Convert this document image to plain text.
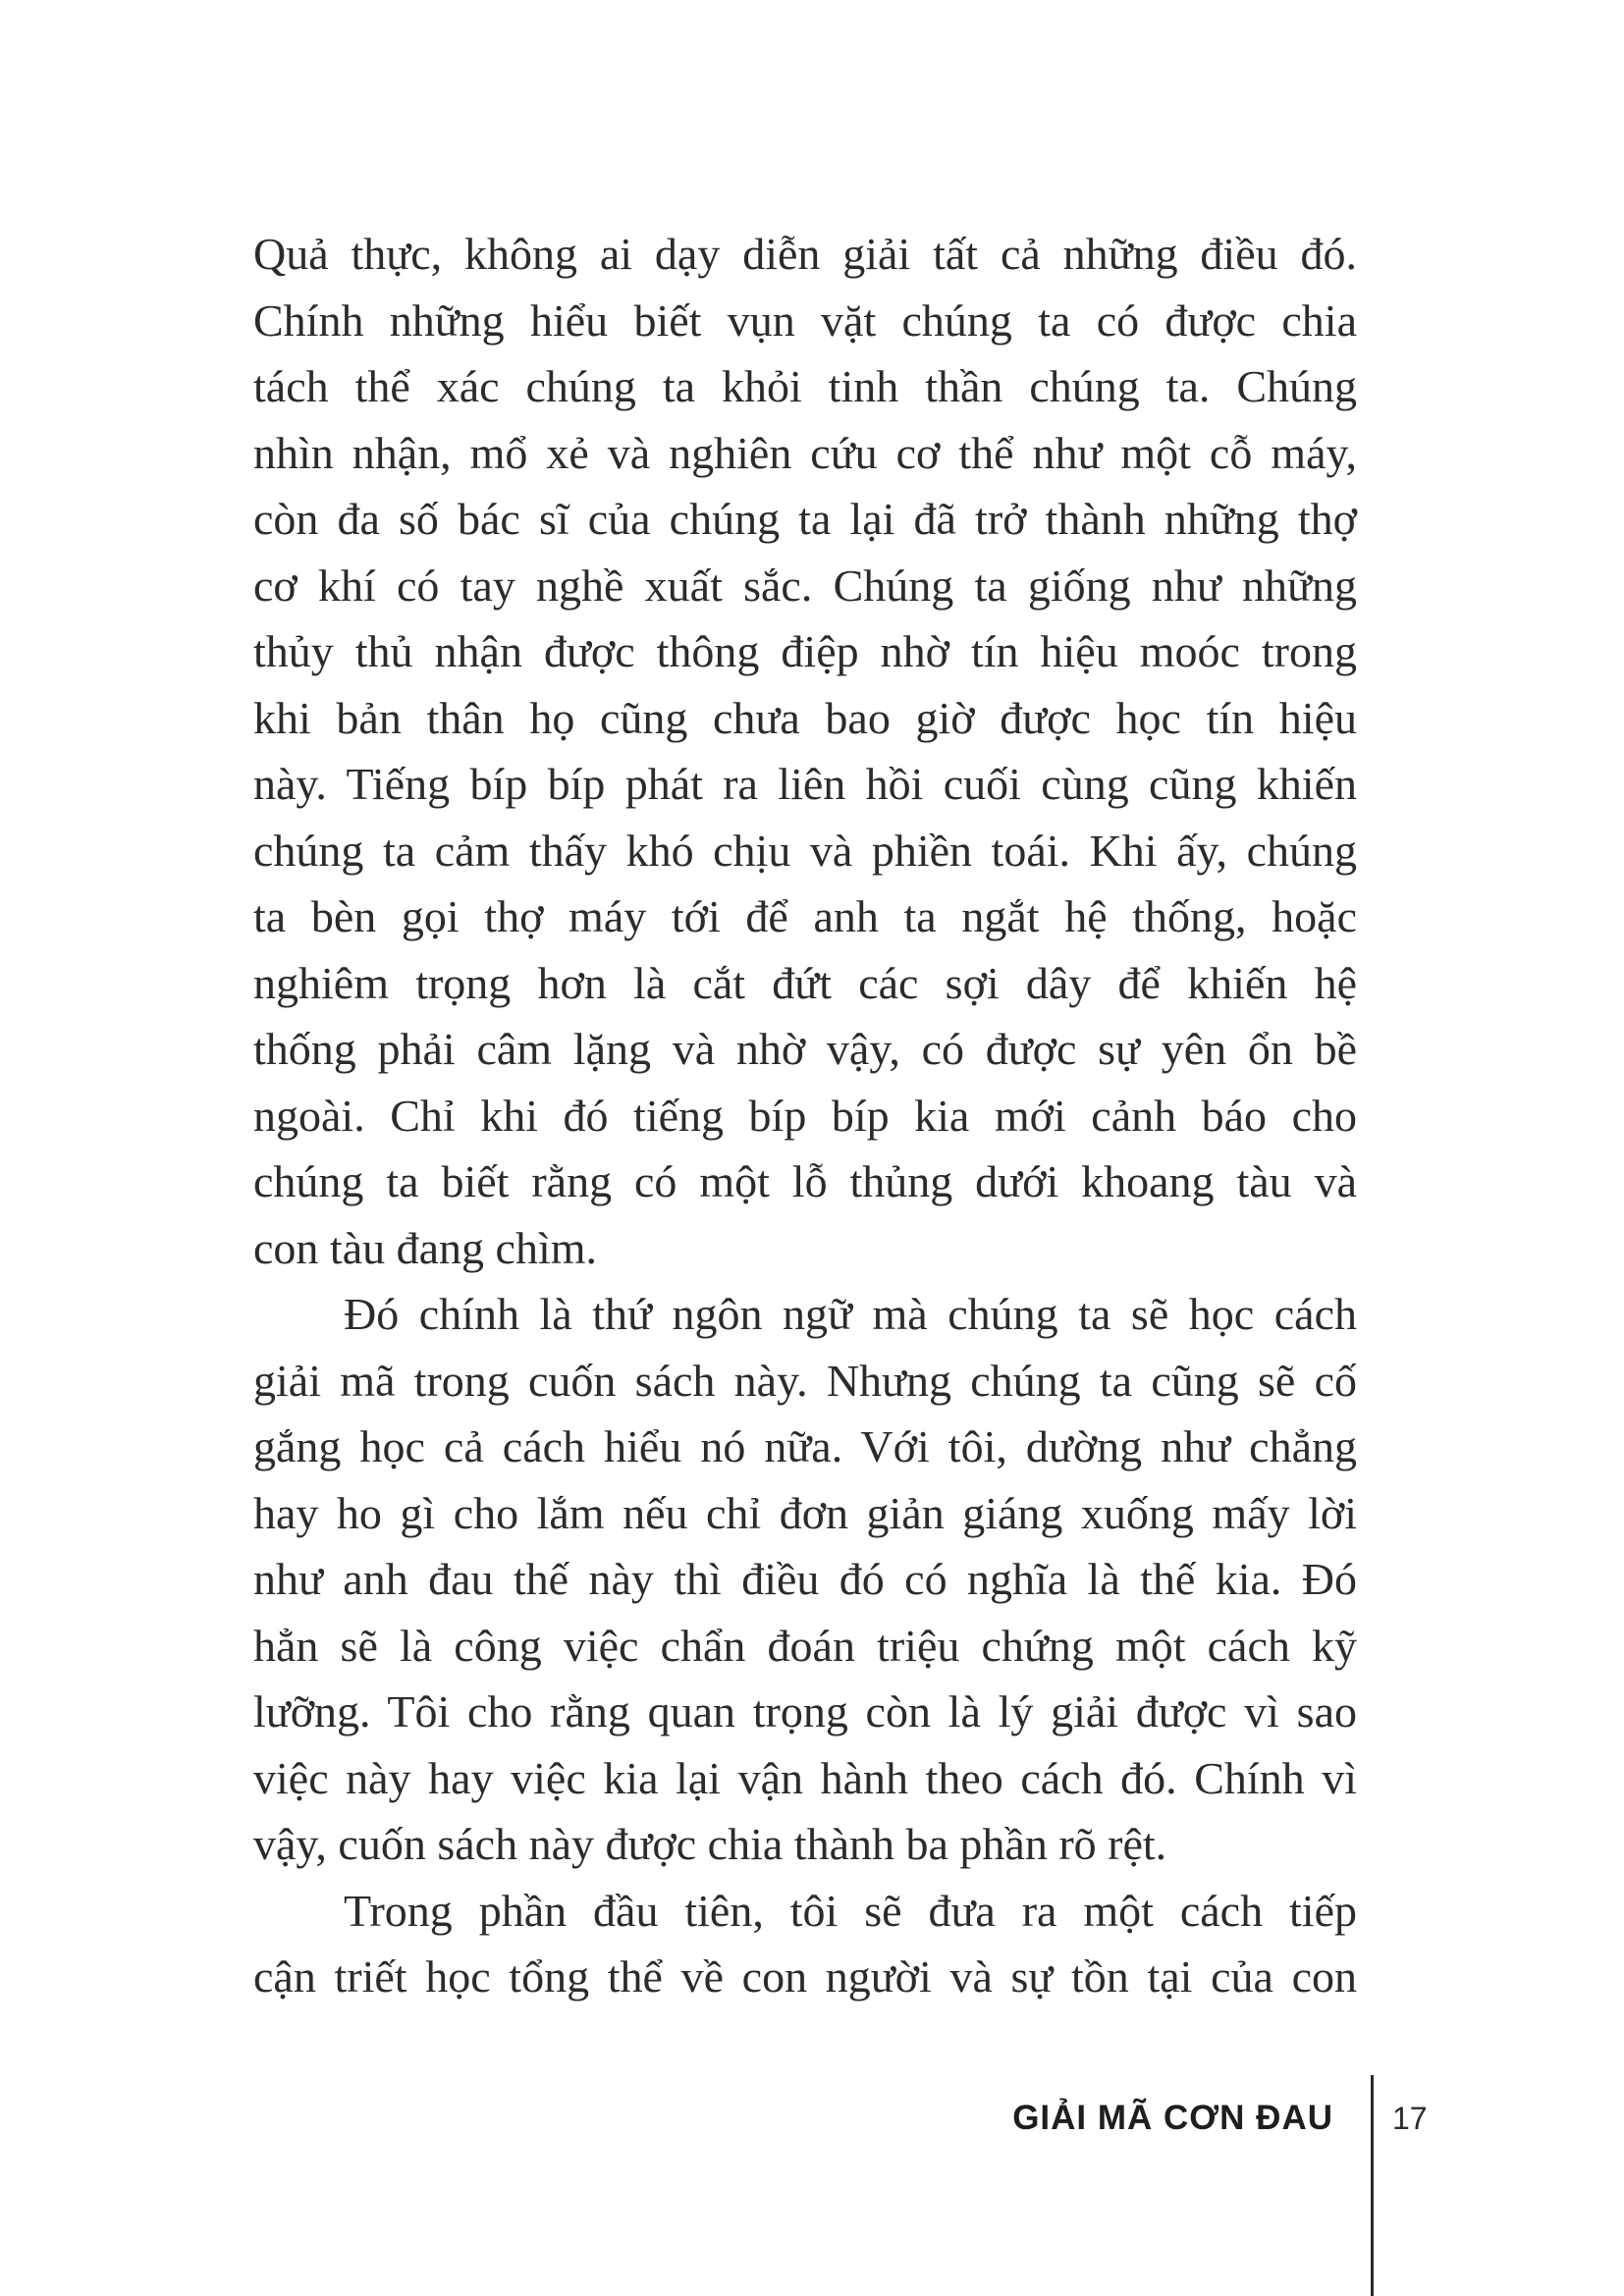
Quả thực, không ai dạy diễn giải tất cả những điều đó.
Chính những hiểu biết vụn vặt chúng ta có được chia
tách thể xác chúng ta khỏi tinh thần chúng ta. Chúng
nhìn nhận, mổ xẻ và nghiên cứu cơ thể như một cỗ máy,
còn đa số bác sĩ của chúng ta lại đã trở thành những thợ
cơ khí có tay nghề xuất sắc. Chúng ta giống như những
thủy thủ nhận được thông điệp nhờ tín hiệu moóc trong
khi bản thân họ cũng chưa bao giờ được học tín hiệu
này. Tiếng bíp bíp phát ra liên hồi cuối cùng cũng khiến
chúng ta cảm thấy khó chịu và phiền toái. Khi ấy, chúng
ta bèn gọi thợ máy tới để anh ta ngắt hệ thống, hoặc
nghiêm trọng hơn là cắt đứt các sợi dây để khiến hệ
thống phải câm lặng và nhờ vậy, có được sự yên ổn bề
ngoài. Chỉ khi đó tiếng bíp bíp kia mới cảnh báo cho
chúng ta biết rằng có một lỗ thủng dưới khoang tàu và
con tàu đang chìm.

Đó chính là thứ ngôn ngữ mà chúng ta sẽ học cách
giải mã trong cuốn sách này. Nhưng chúng ta cũng sẽ cố
gắng học cả cách hiểu nó nữa. Với tôi, dường như chẳng
hay ho gì cho lắm nếu chỉ đơn giản giáng xuống mấy lời
như anh đau thế này thì điều đó có nghĩa là thế kia. Đó
hẳn sẽ là công việc chẩn đoán triệu chứng một cách kỹ
lưỡng. Tôi cho rằng quan trọng còn là lý giải được vì sao
việc này hay việc kia lại vận hành theo cách đó. Chính vì
vậy, cuốn sách này được chia thành ba phần rõ rệt.

Trong phần đầu tiên, tôi sẽ đưa ra một cách tiếp
cận triết học tổng thể về con người và sự tồn tại của con

GIẢI MÃ CƠN ĐAU 17
